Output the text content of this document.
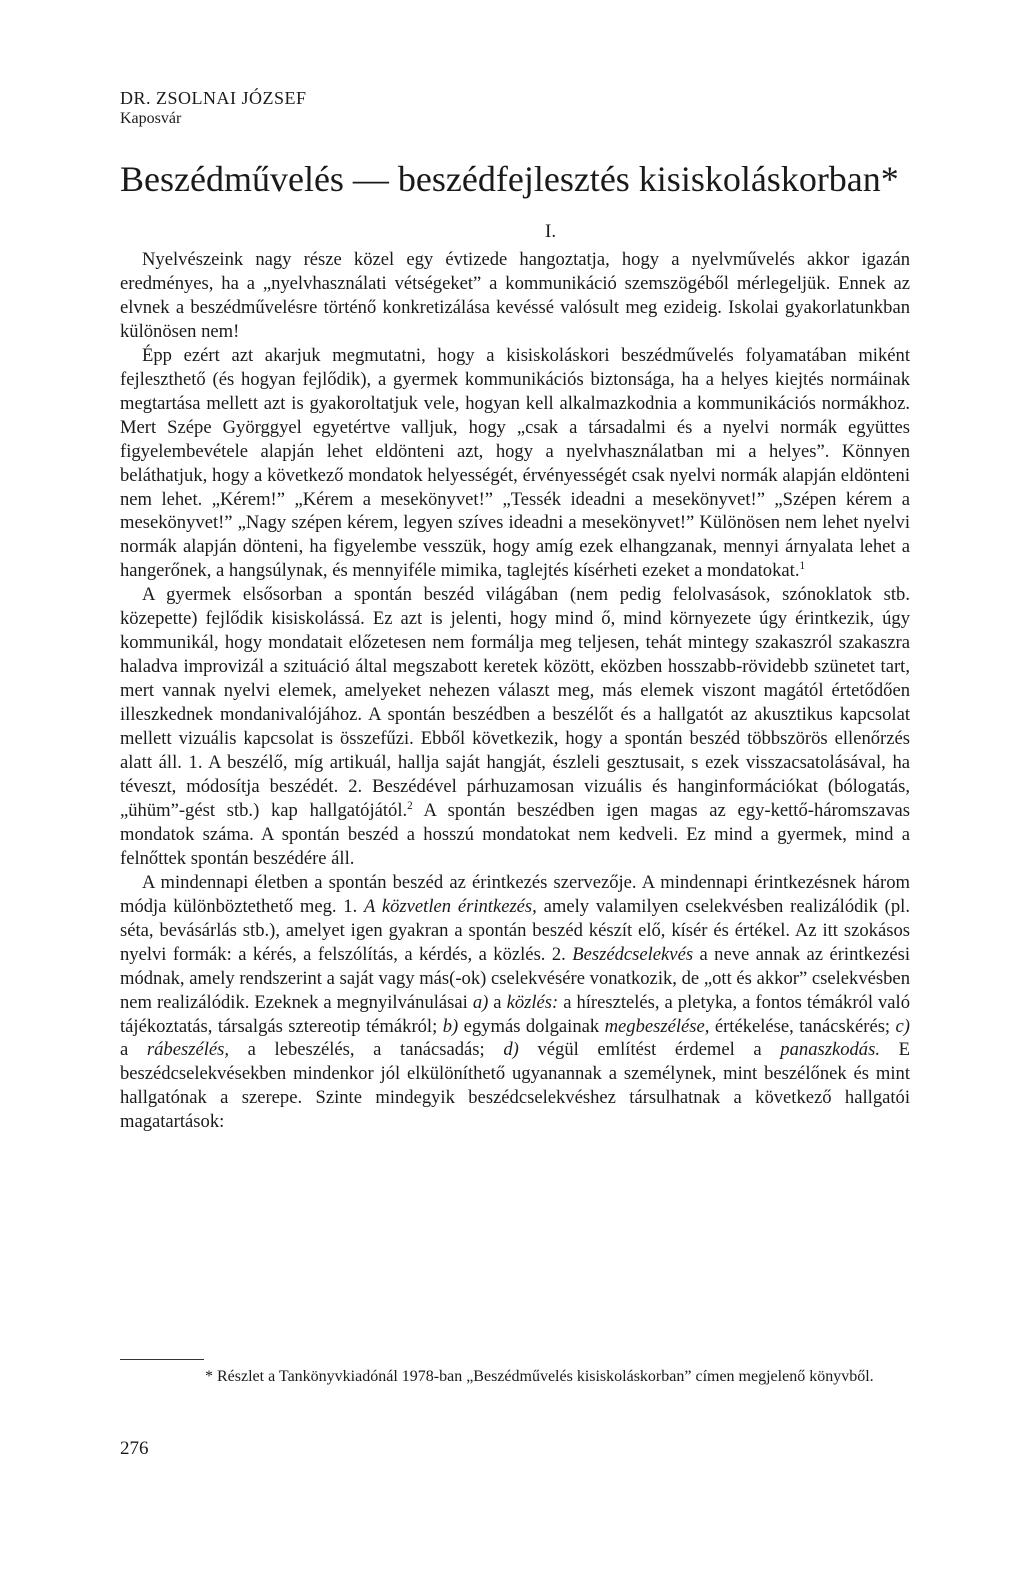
DR. ZSOLNAI JÓZSEF
Kaposvár
Beszédművelés — beszédfejlesztés kisiskoláskorban*
I.

Nyelvészeink nagy része közel egy évtizede hangoztatja, hogy a nyelvművelés akkor igazán eredményes, ha a „nyelvhasználati vétségeket” a kommunikáció szemszögéből mérlegeljük. Ennek az elvnek a beszédművelésre történő konkretizálása kevéssé valósult meg ezideig. Iskolai gyakorlatunkban különösen nem!

Épp ezért azt akarjuk megmutatni, hogy a kisiskoláskori beszédművelés folyamatában miként fejleszthető (és hogyan fejlődik), a gyermek kommunikációs biztonsága, ha a helyes kiejtés normáinak megtartása mellett azt is gyakoroltatjuk vele, hogyan kell alkalmazkodnia a kommunikációs normákhoz. Mert Szépe Györggyel egyetértve valljuk, hogy „csak a társadalmi és a nyelvi normák együttes figyelembevétele alapján lehet eldönteni azt, hogy a nyelvhasználatban mi a helyes”. Könnyen beláthatjuk, hogy a következő mondatok helyességét, érvényességét csak nyelvi normák alapján eldönteni nem lehet. „Kérem!” „Kérem a mesekönyvet!” „Tessék ideadni a mesekönyvet!” „Szépen kérem a mesekönyvet!” „Nagy szépen kérem, legyen szíves ideadni a mesekönyvet!” Különösen nem lehet nyelvi normák alapján dönteni, ha figyelembe vesszük, hogy amíg ezek elhangzanak, mennyi árnyalata lehet a hangerőnek, a hangsúlynak, és mennyiféle mimika, taglejtés kísérheti ezeket a mondatokat.$^1$

A gyermek elsősorban a spontán beszéd világában (nem pedig felolvasások, szónoklatok stb. közepette) fejlődik kisiskolássá. Ez azt is jelenti, hogy mind ő, mind környezete úgy érintkezik, úgy kommunikál, hogy mondatait előzetesen nem formálja meg teljesen, tehát mintegy szakaszról szakaszra haladva improvizál a szituáció által megszabott keretek között, eközben hosszabb-rövidebb szünetet tart, mert vannak nyelvi elemek, amelyeket nehezen választ meg, más elemek viszont magától értetődően illeszkednek mondanivalójához. A spontán beszédben a beszélőt és a hallgatót az akusztikus kapcsolat mellett vizuális kapcsolat is összefűzi. Ebből következik, hogy a spontán beszéd többszörös ellenőrzés alatt áll. 1. A beszélő, míg artikuál, hallja saját hangját, észleli gesztusait, s ezek visszacsatolásával, ha téveszt, módosítja beszédét. 2. Beszédével párhuzamosan vizuális és hanginformációkat (bólogatás, „ühüm”-gést stb.) kap hallgatójától.$^2$ A spontán beszédben igen magas az egy-kettő-háromszavas mondatok száma. A spontán beszéd a hosszú mondatokat nem kedveli. Ez mind a gyermek, mind a felnőttek spontán beszédére áll.

A mindennapi életben a spontán beszéd az érintkezés szervezője. A mindennapi érintkezésnek három módja különböztethető meg. 1. A közvetlen érintkezés, amely valamilyen cselekvésben realizálódik (pl. séta, bevásárlás stb.), amelyet igen gyakran a spontán beszéd készít elő, kísér és értékel. Az itt szokásos nyelvi formák: a kérés, a felszólítás, a kérdés, a közlés. 2. Beszédcselekvés a neve annak az érintkezési módnak, amely rendszerint a saját vagy más(-ok) cselekvésére vonatkozik, de „ott és akkor” cselekvésben nem realizálódik. Ezeknek a megnyilvánulásai a) a közlés: a híresztelés, a pletyka, a fontos témákról való tájékoztatás, társalgás sztereotip témákról; b) egymás dolgainak megbeszélése, értékelése, tanácskérés; c) a rábeszélés, a lebeszélés, a tanácsadás; d) végül említést érdemel a panaszkodás. E beszédcselekvésekben mindenkor jól elkülöníthető ugyanannak a személynek, mint beszélőnek és mint hallgatónak a szerepe. Szinte mindegyik beszédcselekvéshez társulhatnak a következő hallgatói magatartások:

* Részlet a Tankönyvkiadónál 1978-ban „Beszédművelés kisiskoláskorban” címen megjelenő könyvből.
276
